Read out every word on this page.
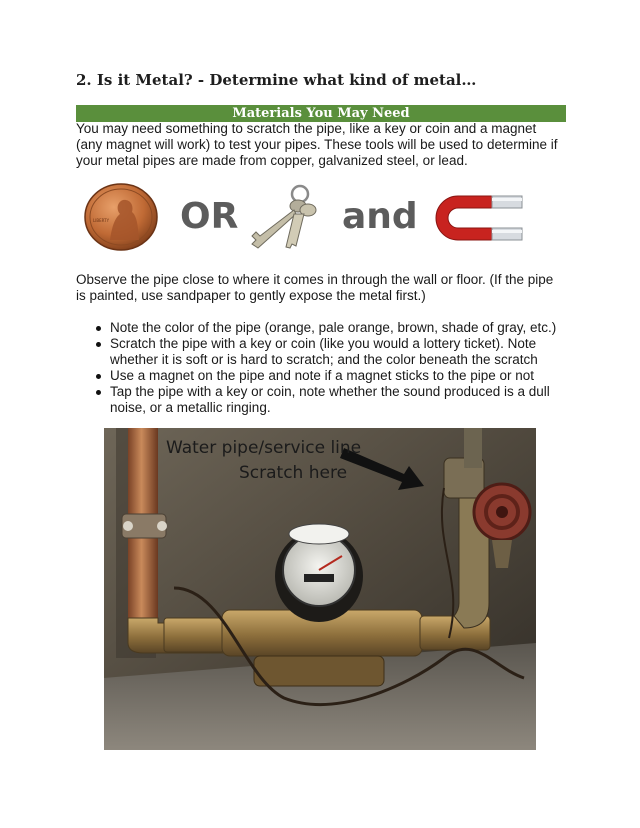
2. Is it Metal? - Determine what kind of metal…
Materials You May Need

You may need something to scratch the pipe, like a key or coin and a magnet (any magnet will work) to test your pipes. These tools will be used to determine if your metal pipes are made from copper, galvanized steel, or lead.

LIBERTY OR	and

Observe the pipe close to where it comes in through the wall or floor. (If the pipe is painted, use sandpaper to gently expose the metal first.)

Note the color of the pipe (orange, pale orange, brown, shade of gray, etc.)
Scratch the pipe with a key or coin (like you would a lottery ticket). Note whether it is soft or is hard to scratch; and the color beneath the scratch
Use a magnet on the pipe and note if a magnet sticks to the pipe or not
Tap the pipe with a key or coin, note whether the sound produced is a dull noise, or a metallic ringing.
Water pipe/service line
Scratch here
